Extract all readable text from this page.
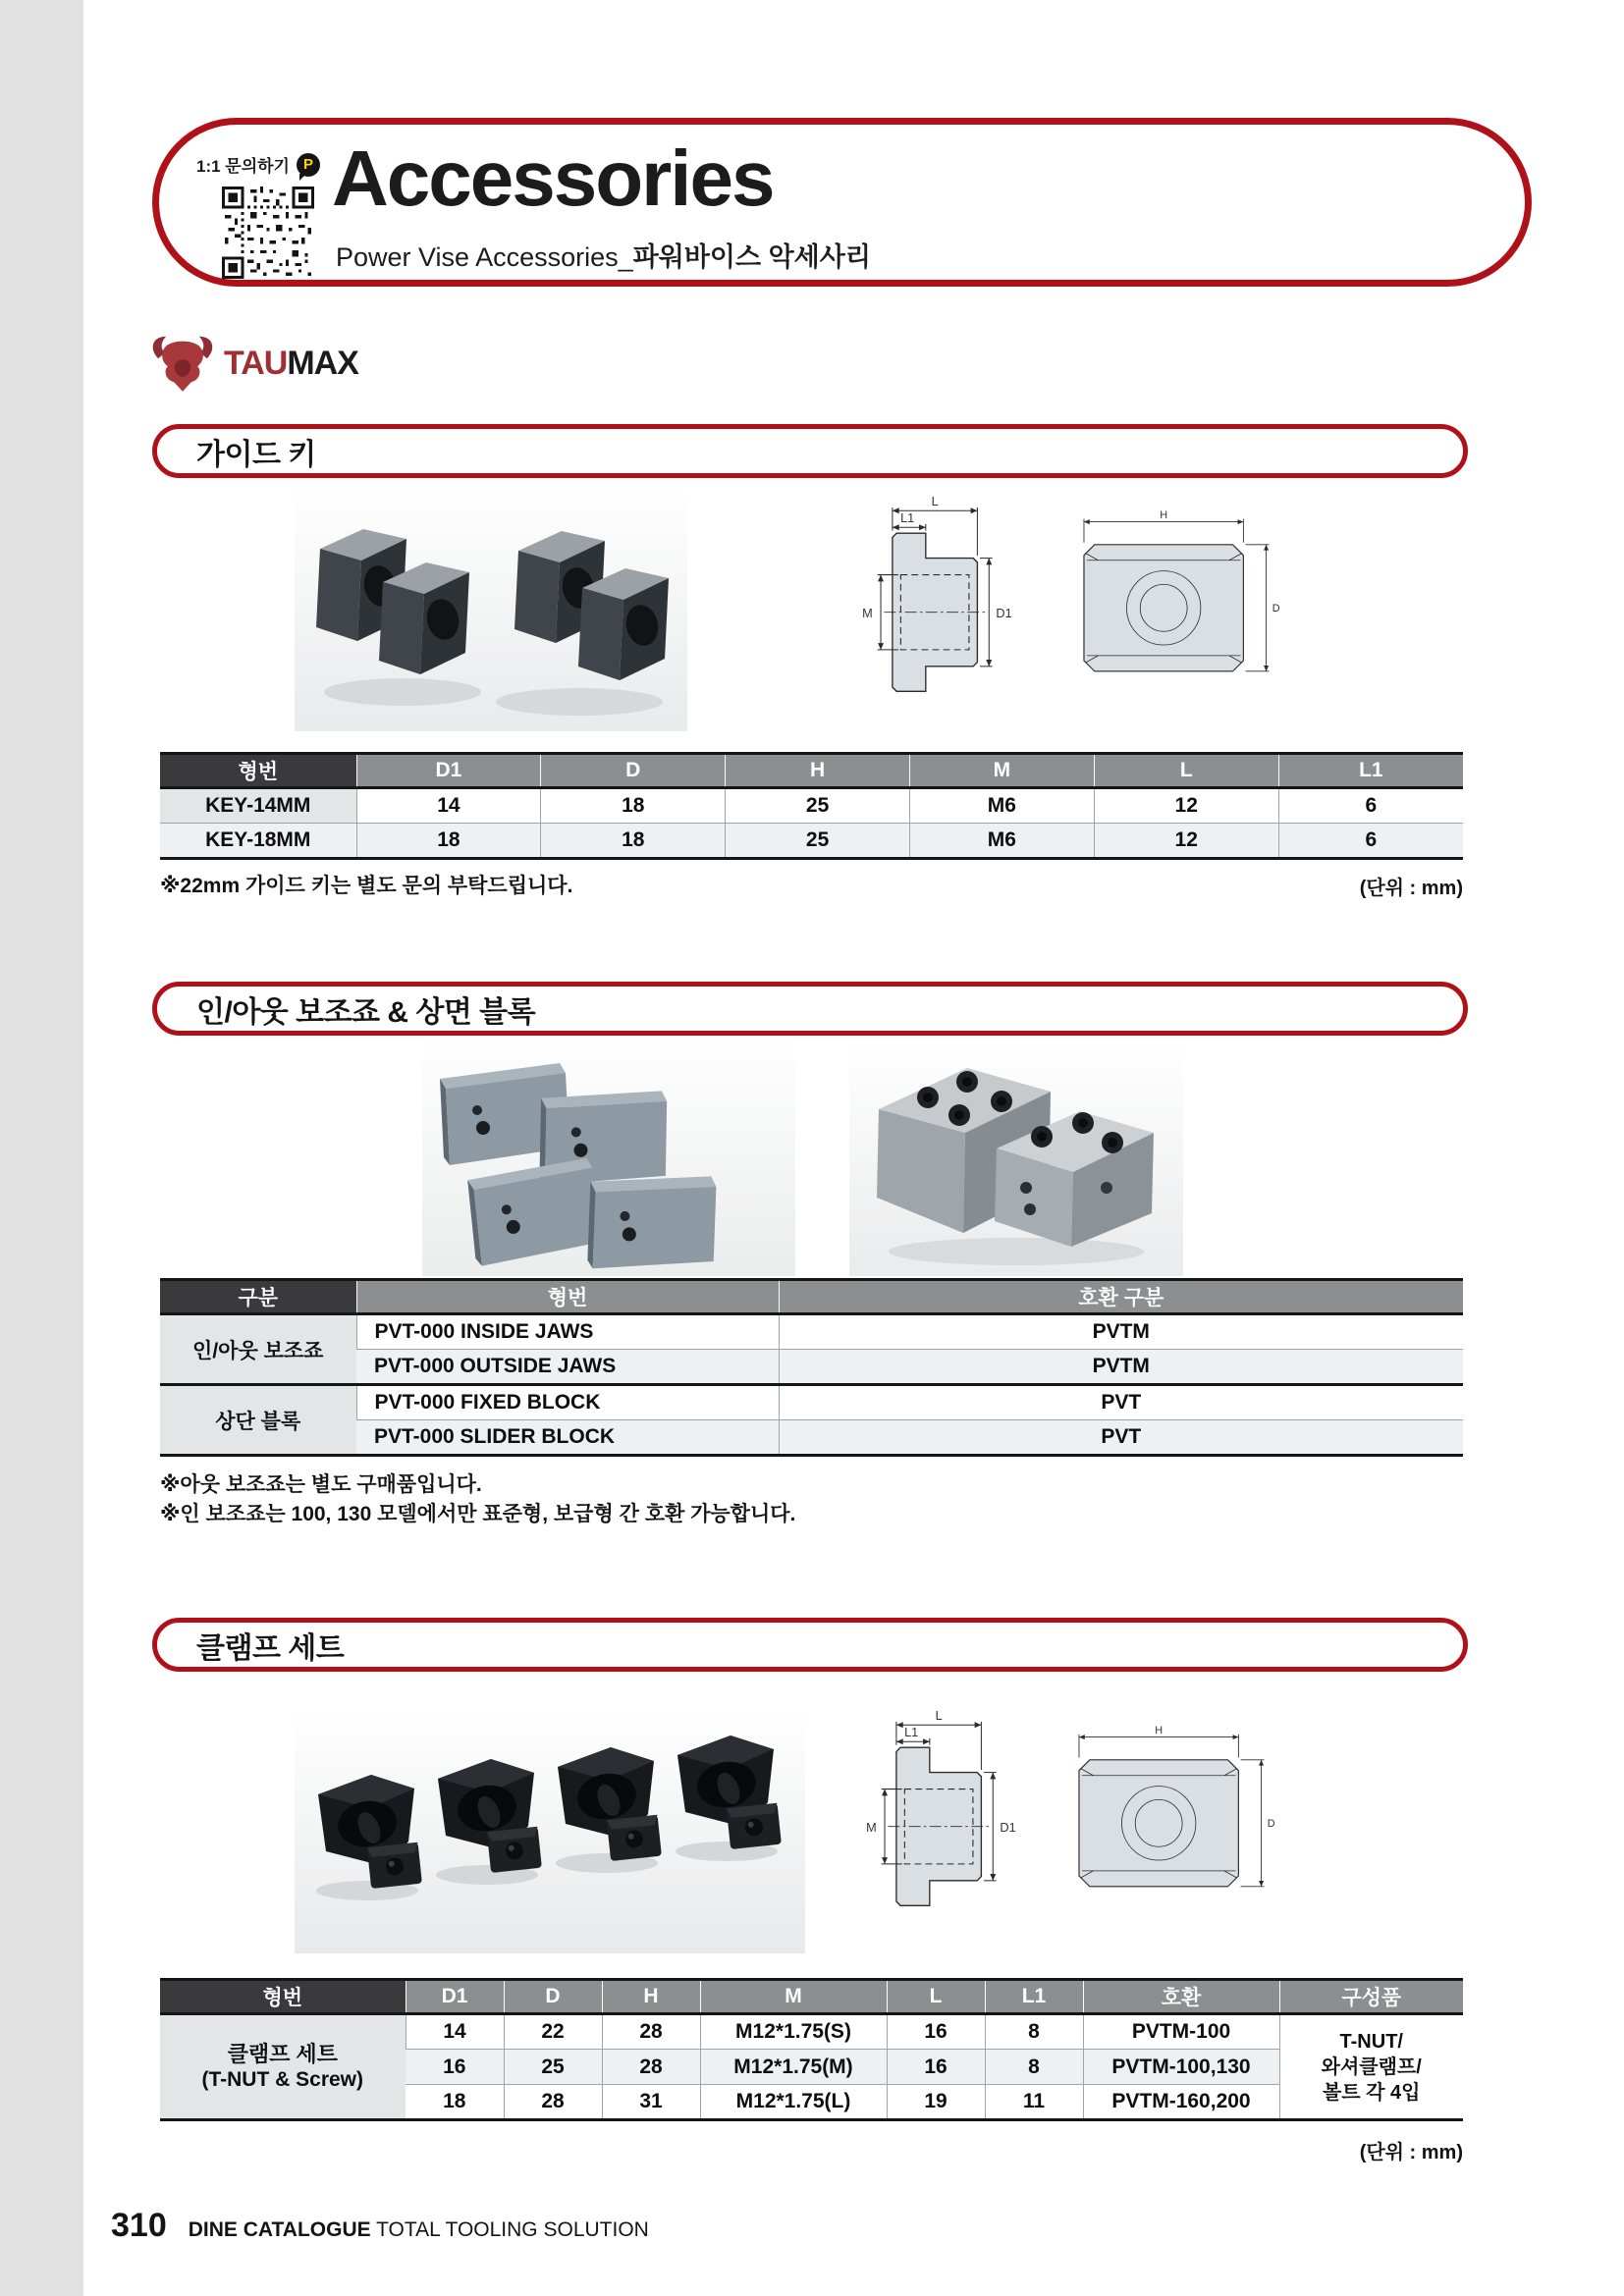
1:1 문의하기 P Accessories
Power Vise Accessories_파워바이스 악세사리
TAUMAX
가이드 키
L
L1
M	D1
H
D
형번	D1	D	H	M	L	L1
KEY-14MM	14	18	25	M6	12	6
KEY-18MM	18	18	25	M6	12	6
※22mm 가이드 키는 별도 문의 부탁드립니다.	(단위 : mm)
인/아웃 보조죠 & 상면 블록
구분	형번	호환 구분
인/아웃 보조죠	PVT-000 INSIDE JAWS	PVTM
	PVT-000 OUTSIDE JAWS	PVTM
상단 블록	PVT-000 FIXED BLOCK	PVT
	PVT-000 SLIDER BLOCK	PVT
※아웃 보조죠는 별도 구매품입니다.
※인 보조죠는 100, 130 모델에서만 표준형, 보급형 간 호환 가능합니다.
클램프 세트
L
L1
M	D1
H
D
형번	D1	D	H	M	L	L1	호환	구성품

클램프 세트
(T-NUT & Screw)	14	22	28	M12*1.75(S)	16	8	PVTM-100	T-NUT/
와셔클램프/
볼트 각 4입

	16	25	28	M12*1.75(M)	16	8	PVTM-100,130	
	18	28	31	M12*1.75(L)	19	11	PVTM-160,200	
(단위 : mm)
310 DINE CATALOGUE TOTAL TOOLING SOLUTION
